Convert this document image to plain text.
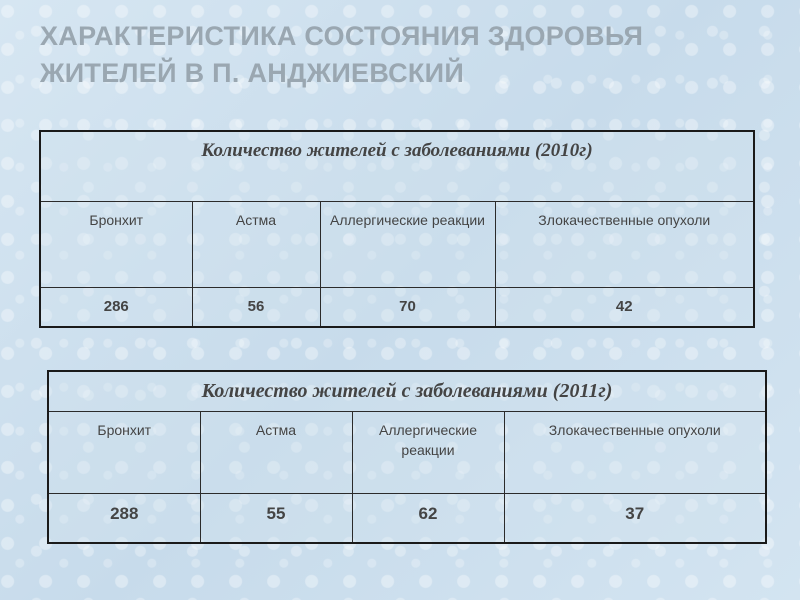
ХАРАКТЕРИСТИКА СОСТОЯНИЯ ЗДОРОВЬЯ
ЖИТЕЛЕЙ В П. АНДЖИЕВСКИЙ
Количество жителей с заболеваниями (2010г)			
Бронхит	Астма	Аллергические реакции	Злокачественные опухоли
286	56	70	42
Количество жителей с заболеваниями (2011г)			
Бронхит	Астма	Аллергические реакции	Злокачественные опухоли
288	55	62	37
